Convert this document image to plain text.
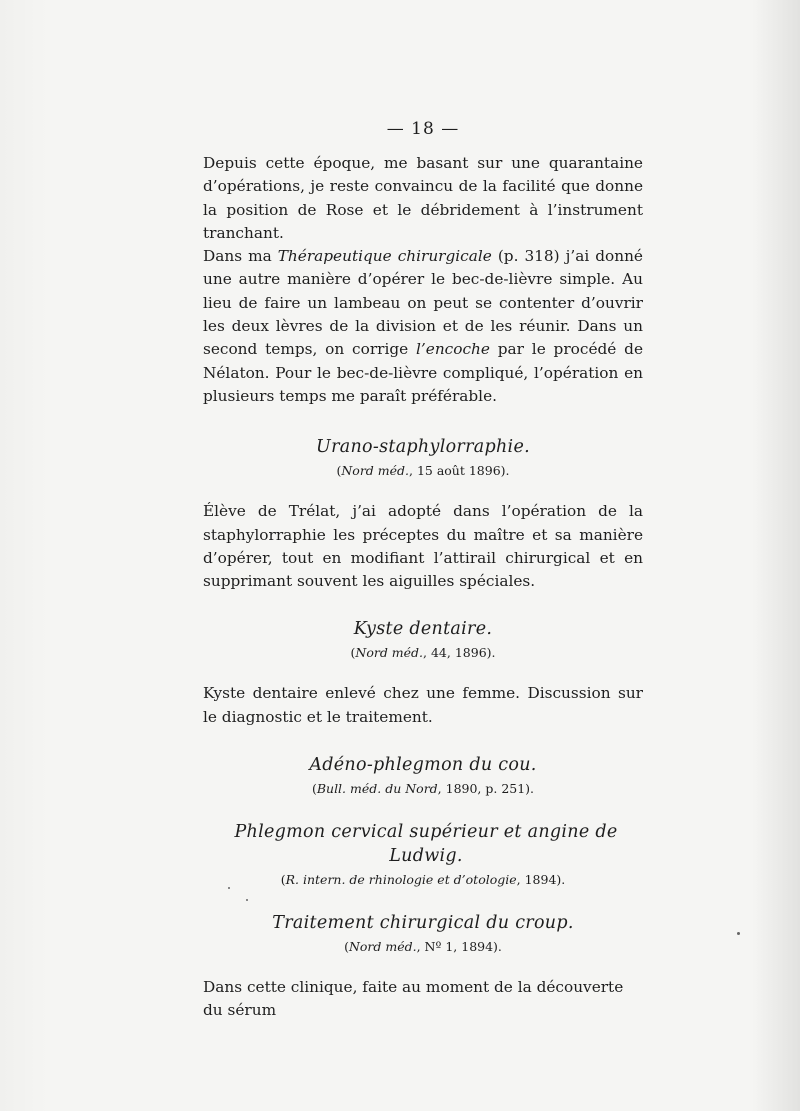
— 18 —

Depuis cette époque, me basant sur une quarantaine d’opérations, je reste convaincu de la facilité que donne la position de Rose et le débridement à l’instrument tranchant.

Dans ma Thérapeutique chirurgicale (p. 318) j’ai donné une autre manière d’opérer le bec-de-lièvre simple. Au lieu de faire un lambeau on peut se contenter d’ouvrir les deux lèvres de la division et de les réunir. Dans un second temps, on corrige l’encoche par le procédé de Nélaton. Pour le bec-de-lièvre compliqué, l’opération en plusieurs temps me paraît préférable.

Urano-staphylorraphie.
(Nord méd., 15 août 1896).

Élève de Trélat, j’ai adopté dans l’opération de la staphylorraphie les préceptes du maître et sa manière d’opérer, tout en modifiant l’attirail chirurgical et en supprimant souvent les aiguilles spéciales.

Kyste dentaire.
(Nord méd., 44, 1896).

Kyste dentaire enlevé chez une femme. Discussion sur le diagnostic et le traitement.

Adéno-phlegmon du cou.
(Bull. méd. du Nord, 1890, p. 251).
Phlegmon cervical supérieur et angine de Ludwig.
(R. intern. de rhinologie et d’otologie, 1894).
Traitement chirurgical du croup.
(Nord méd., Nº 1, 1894).

Dans cette clinique, faite au moment de la découverte du sérum
